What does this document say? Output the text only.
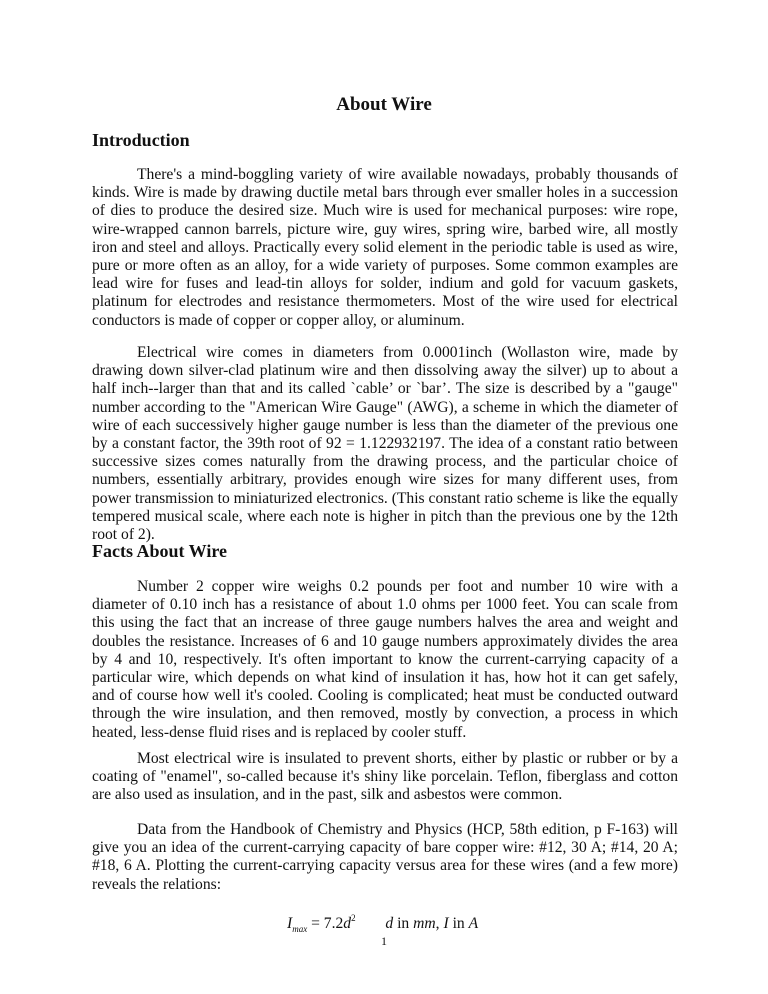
About Wire
Introduction

There's a mind-boggling variety of wire available nowadays, probably thousands of kinds. Wire is made by drawing ductile metal bars through ever smaller holes in a succession of dies to produce the desired size. Much wire is used for mechanical purposes: wire rope, wire-wrapped cannon barrels, picture wire, guy wires, spring wire, barbed wire, all mostly iron and steel and alloys. Practically every solid element in the periodic table is used as wire, pure or more often as an alloy, for a wide variety of purposes. Some common examples are lead wire for fuses and lead-tin alloys for solder, indium and gold for vacuum gaskets, platinum for electrodes and resistance thermometers. Most of the wire used for electrical conductors is made of copper or copper alloy, or aluminum.

Electrical wire comes in diameters from 0.0001inch (Wollaston wire, made by drawing down silver-clad platinum wire and then dissolving away the silver) up to about a half inch--larger than that and its called `cable’ or `bar’. The size is described by a "gauge" number according to the "American Wire Gauge" (AWG), a scheme in which the diameter of wire of each successively higher gauge number is less than the diameter of the previous one by a constant factor, the 39th root of 92 = 1.122932197. The idea of a constant ratio between successive sizes comes naturally from the drawing process, and the particular choice of numbers, essentially arbitrary, provides enough wire sizes for many different uses, from power transmission to miniaturized electronics. (This constant ratio scheme is like the equally tempered musical scale, where each note is higher in pitch than the previous one by the 12th root of 2).

Facts About Wire

Number 2 copper wire weighs 0.2 pounds per foot and number 10 wire with a diameter of 0.10 inch has a resistance of about 1.0 ohms per 1000 feet. You can scale from this using the fact that an increase of three gauge numbers halves the area and weight and doubles the resistance. Increases of 6 and 10 gauge numbers approximately divides the area by 4 and 10, respectively. It's often important to know the current-carrying capacity of a particular wire, which depends on what kind of insulation it has, how hot it can get safely, and of course how well it's cooled. Cooling is complicated; heat must be conducted outward through the wire insulation, and then removed, mostly by convection, a process in which heated, less-dense fluid rises and is replaced by cooler stuff.

Most electrical wire is insulated to prevent shorts, either by plastic or rubber or by a coating of "enamel", so-called because it's shiny like porcelain. Teflon, fiberglass and cotton are also used as insulation, and in the past, silk and asbestos were common.

Data from the Handbook of Chemistry and Physics (HCP, 58th edition, p F-163) will give you an idea of the current-carrying capacity of bare copper wire: #12, 30 A; #14, 20 A; #18, 6 A. Plotting the current-carrying capacity versus area for these wires (and a few more) reveals the relations:

$I_{max} = 7.2d^2$ d in mm, I in A
1
